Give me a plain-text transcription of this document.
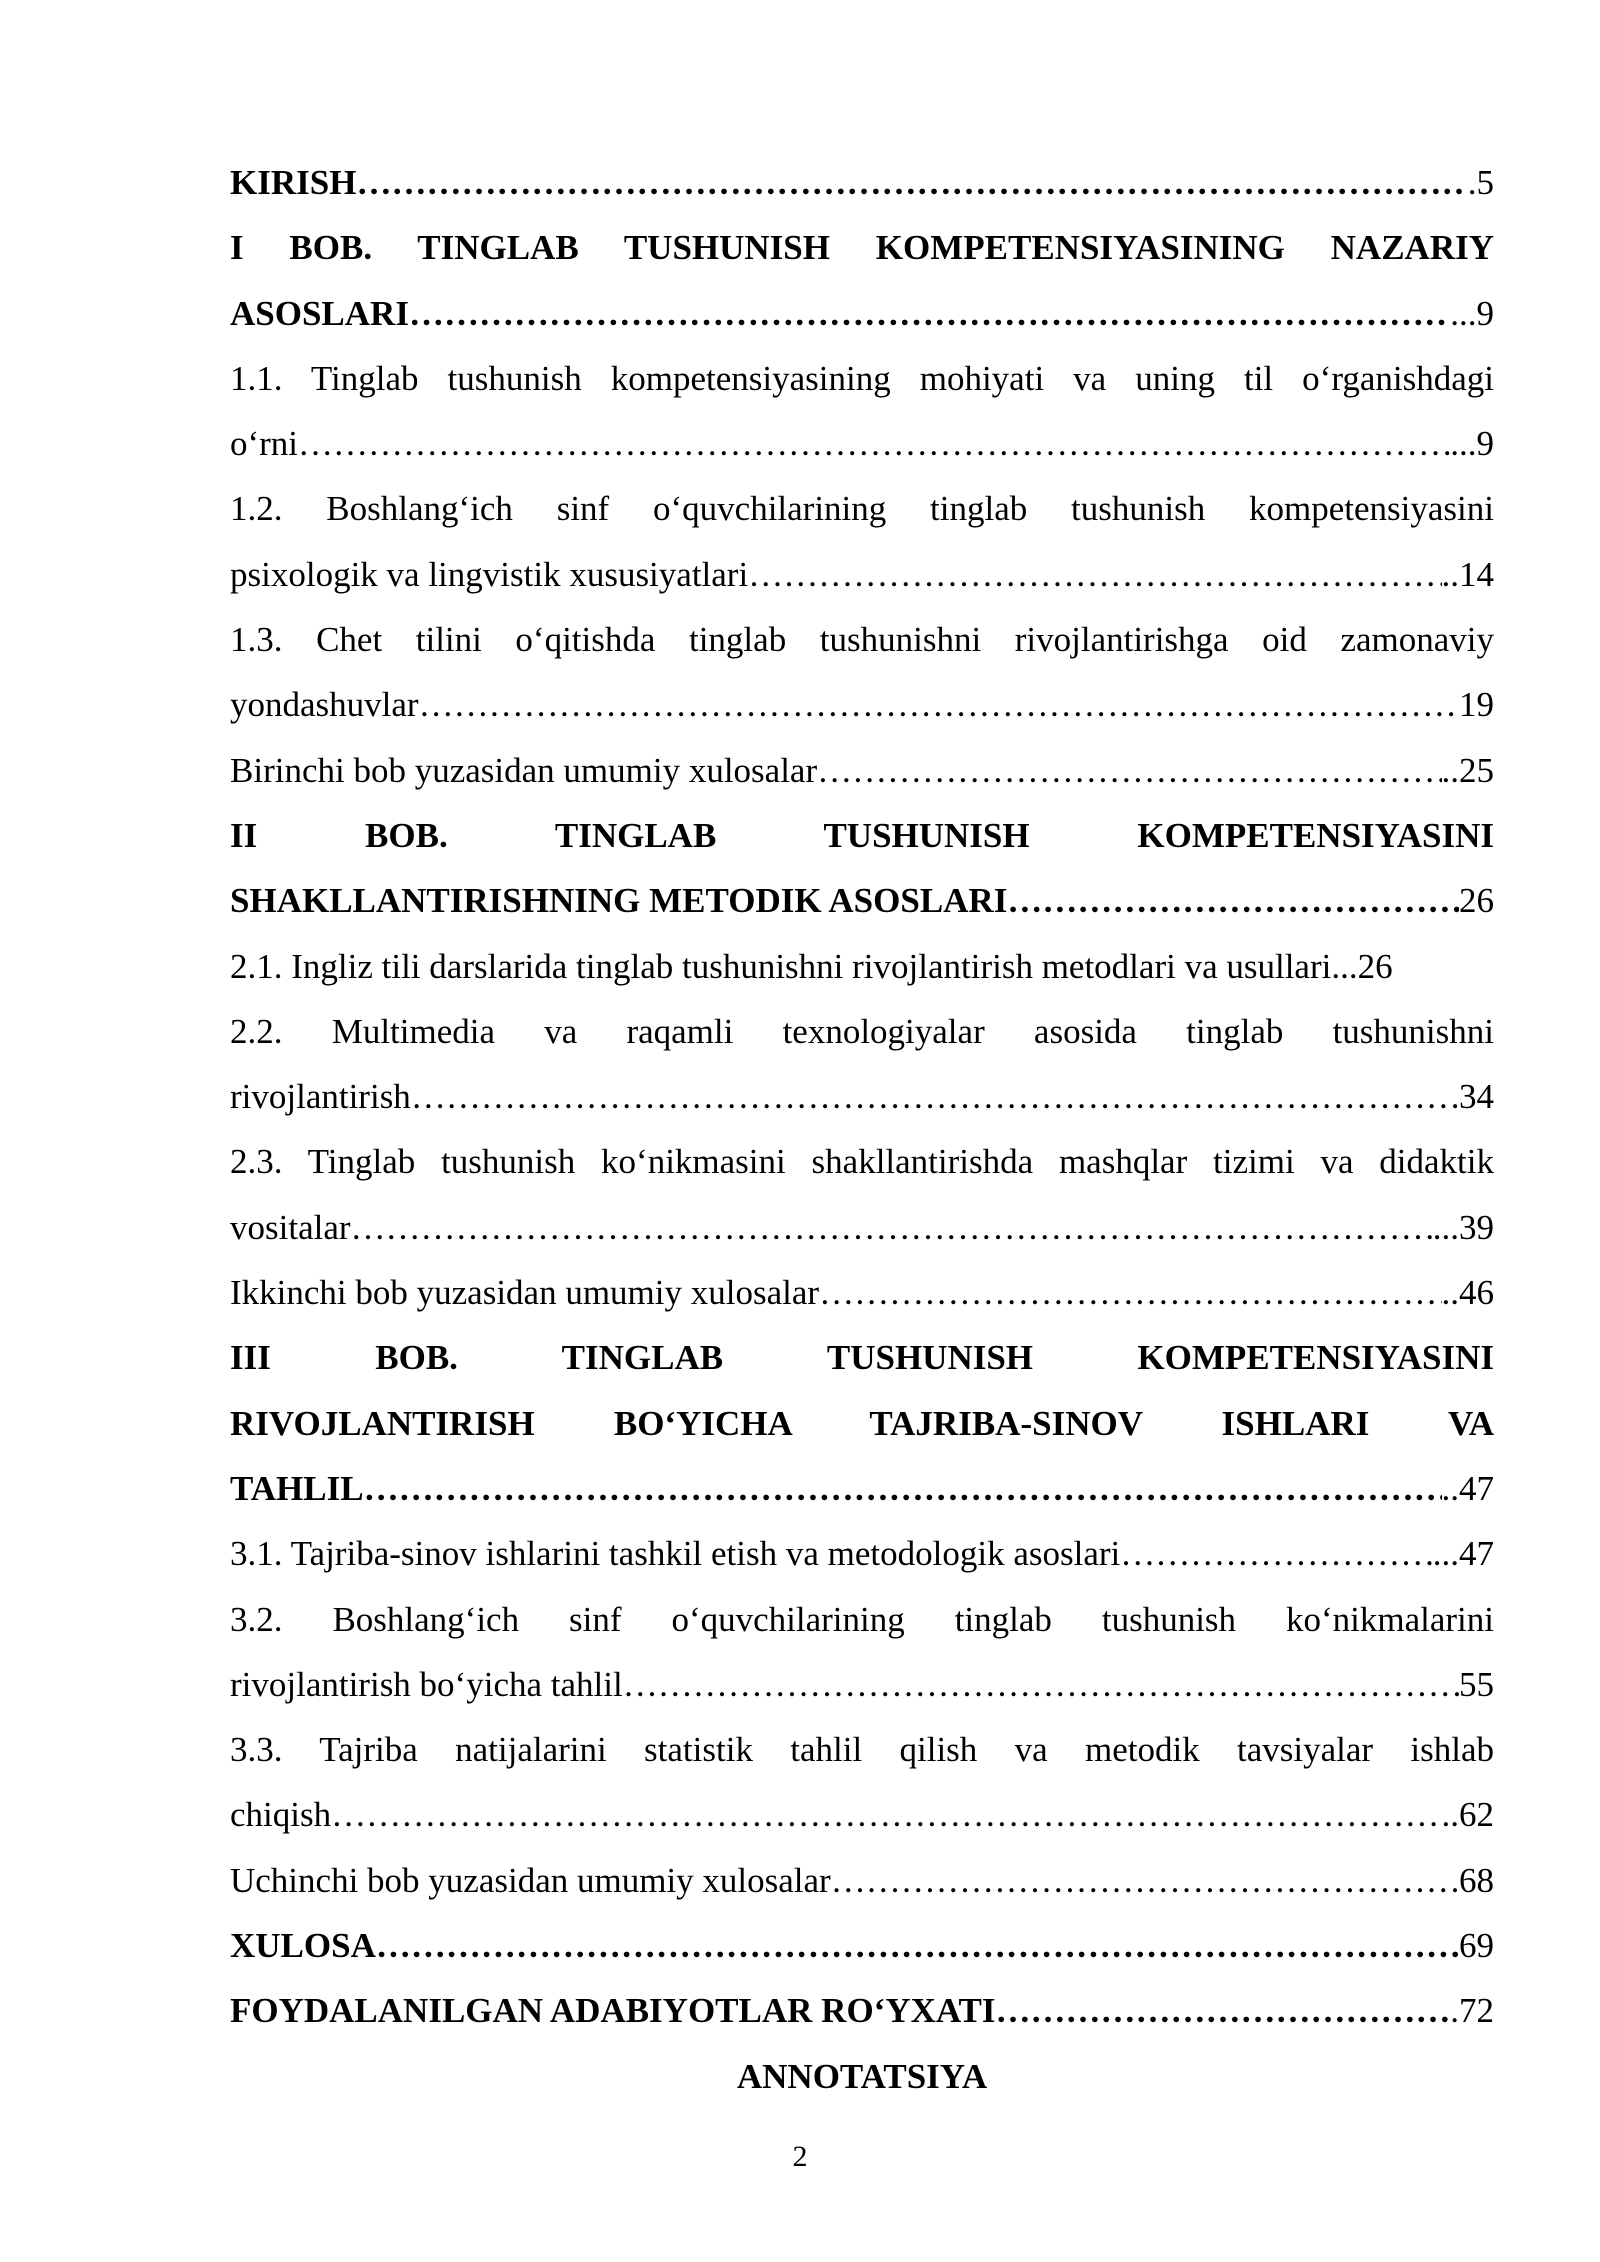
KIRISH ………………………………………………………………………………………………………………………………………………………………………………………………………	.5
I BOB. TINGLAB TUSHUNISH KOMPETENSIYASINING NAZARIY
ASOSLARI ………………………………………………………………………………………………………………………………………………………………………………………………………	...9
1.1. Tinglab tushunish kompetensiyasining mohiyati va uning til o‘rganishdagi
o‘rni ………………………………………………………………………………………………………………………………………………………………………………………………………	...9
1.2. Boshlang‘ich sinf o‘quvchilarining tinglab tushunish kompetensiyasini
psixologik va lingvistik xususiyatlari ………………………………………………………………………………………………………………………………………………………………………………………………………	..14
1.3. Chet tilini o‘qitishda tinglab tushunishni rivojlantirishga oid zamonaviy
yondashuvlar ………………………………………………………………………………………………………………………………………………………………………………………………………	19
Birinchi bob yuzasidan umumiy xulosalar ………………………………………………………………………………………………………………………………………………………………………………………………………	..25
II BOB. TINGLAB TUSHUNISH KOMPETENSIYASINI
SHAKLLANTIRISHNING METODIK ASOSLARI ………………………………………………………………………………………………………………………………………………………………………………………………………	26
2.1. Ingliz tili darslarida tinglab tushunishni rivojlantirish metodlari va usullari...26
2.2. Multimedia va raqamli texnologiyalar asosida tinglab tushunishni
rivojlantirish ………………………………………………………………………………………………………………………………………………………………………………………………………	34
2.3. Tinglab tushunish ko‘nikmasini shakllantirishda mashqlar tizimi va didaktik
vositalar ………………………………………………………………………………………………………………………………………………………………………………………………………	...39
Ikkinchi bob yuzasidan umumiy xulosalar ………………………………………………………………………………………………………………………………………………………………………………………………………	..46
III BOB. TINGLAB TUSHUNISH KOMPETENSIYASINI
RIVOJLANTIRISH BO‘YICHA TAJRIBA-SINOV ISHLARI VA
TAHLIL ………………………………………………………………………………………………………………………………………………………………………………………………………	..47
3.1. Tajriba-sinov ishlarini tashkil etish va metodologik asoslari ………………………………………………………………………………………………………………………………………………………………………………………………………	...47
3.2. Boshlang‘ich sinf o‘quvchilarining tinglab tushunish ko‘nikmalarini
rivojlantirish bo‘yicha tahlil ………………………………………………………………………………………………………………………………………………………………………………………………………	55
3.3. Tajriba natijalarini statistik tahlil qilish va metodik tavsiyalar ishlab
chiqish ………………………………………………………………………………………………………………………………………………………………………………………………………	..62
Uchinchi bob yuzasidan umumiy xulosalar ………………………………………………………………………………………………………………………………………………………………………………………………………	68
XULOSA ………………………………………………………………………………………………………………………………………………………………………………………………………	69
FOYDALANILGAN ADABIYOTLAR RO‘YXATI ………………………………………………………………………………………………………………………………………………………………………………………………………	.72
ANNOTATSIYA
2
